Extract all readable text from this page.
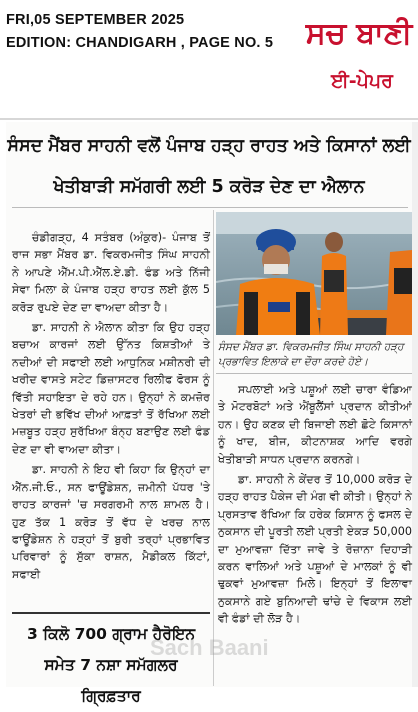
FRI,05 SEPTEMBER 2025
EDITION: CHANDIGARH , PAGE NO. 5 ਸਚ ਬਾਣੀ
ਈ-ਪੇਪਰ
ਸੰਸਦ ਮੈਂਬਰ ਸਾਹਨੀ ਵਲੋਂ ਪੰਜਾਬ ਹੜ੍ਹ ਰਾਹਤ ਅਤੇ ਕਿਸਾਨਾਂ ਲਈ ਖੇਤੀਬਾੜੀ ਸਮੱਗਰੀ ਲਈ 5 ਕਰੋੜ ਦੇਣ ਦਾ ਐਲਾਨ

ਚੰਡੀਗੜ੍ਹ, 4 ਸਤੰਬਰ (ਅੰਕੁਰ)- ਪੰਜਾਬ ਤੋਂ ਰਾਜ ਸਭਾ ਮੈਂਬਰ ਡਾ. ਵਿਕਰਮਜੀਤ ਸਿੰਘ ਸਾਹਨੀ ਨੇ ਆਪਣੇ ਐੱਮ.ਪੀ.ਐੱਲ.ਏ.ਡੀ. ਫੰਡ ਅਤੇ ਨਿੱਜੀ ਸੇਵਾ ਮਿਲਾ ਕੇ ਪੰਜਾਬ ਹੜ੍ਹ ਰਾਹਤ ਲਈ ਕੁੱਲ 5 ਕਰੋੜ ਰੁਪਏ ਦੇਣ ਦਾ ਵਾਅਦਾ ਕੀਤਾ ਹੈ।

ਡਾ. ਸਾਹਨੀ ਨੇ ਐਲਾਨ ਕੀਤਾ ਕਿ ਉਹ ਹੜ੍ਹ ਬਚਾਅ ਕਾਰਜਾਂ ਲਈ ਉੱਨਤ ਕਿਸ਼ਤੀਆਂ ਤੇ ਨਦੀਆਂ ਦੀ ਸਫਾਈ ਲਈ ਆਧੁਨਿਕ ਮਸ਼ੀਨਰੀ ਦੀ ਖਰੀਦ ਵਾਸਤੇ ਸਟੇਟ ਡਿਜ਼ਾਸਟਰ ਰਿਲੀਫ ਫੋਰਸ ਨੂੰ ਵਿੱਤੀ ਸਹਾਇਤਾ ਦੇ ਰਹੇ ਹਨ। ਉਨ੍ਹਾਂ ਨੇ ਕਮਜ਼ੋਰ ਖੇਤਰਾਂ ਦੀ ਭਵਿੱਖ ਦੀਆਂ ਆਫ਼ਤਾਂ ਤੋਂ ਰੱਖਿਆ ਲਈ ਮਜ਼ਬੂਤ ਹੜ੍ਹ ਸੁਰੱਖਿਆ ਬੰਨ੍ਹ ਬਣਾਉਣ ਲਈ ਫੰਡ ਦੇਣ ਦਾ ਵੀ ਵਾਅਦਾ ਕੀਤਾ।

ਡਾ. ਸਾਹਨੀ ਨੇ ਇਹ ਵੀ ਕਿਹਾ ਕਿ ਉਨ੍ਹਾਂ ਦਾ ਐੱਨ.ਜੀ.ਓ., ਸਨ ਫਾਊਂਡੇਸ਼ਨ, ਜ਼ਮੀਨੀ ਪੱਧਰ 'ਤੇ ਰਾਹਤ ਕਾਰਜਾਂ 'ਚ ਸਰਗਰਮੀ ਨਾਲ ਸ਼ਾਮਲ ਹੈ। ਹੁਣ ਤੱਕ 1 ਕਰੋੜ ਤੋਂ ਵੱਧ ਦੇ ਖਰਚ ਨਾਲ ਫਾਊਂਡੇਸ਼ਨ ਨੇ ਹੜ੍ਹਾਂ ਤੋਂ ਬੁਰੀ ਤਰ੍ਹਾਂ ਪ੍ਰਭਾਵਿਤ ਪਰਿਵਾਰਾਂ ਨੂੰ ਸੁੱਕਾ ਰਾਸ਼ਨ, ਮੈਡੀਕਲ ਕਿੱਟਾਂ, ਸਫਾਈ

ਸੰਸਦ ਮੈਂਬਰ ਡਾ. ਵਿਕਰਮਜੀਤ ਸਿੰਘ ਸਾਹਨੀ ਹੜ੍ਹ ਪ੍ਰਭਾਵਿਤ ਇਲਾਕੇ ਦਾ ਦੌਰਾ ਕਰਦੇ ਹੋਏ।

ਸਪਲਾਈ ਅਤੇ ਪਸ਼ੂਆਂ ਲਈ ਚਾਰਾ ਵੰਡਿਆ ਤੇ ਮੋਟਰਬੋਟਾਂ ਅਤੇ ਐਂਬੂਲੈਂਸਾਂ ਪ੍ਰਦਾਨ ਕੀਤੀਆਂ ਹਨ। ਉਹ ਕਣਕ ਦੀ ਬਿਜਾਈ ਲਈ ਛੋਟੇ ਕਿਸਾਨਾਂ ਨੂੰ ਖਾਦ, ਬੀਜ, ਕੀਟਨਾਸ਼ਕ ਆਦਿ ਵਰਗੇ ਖੇਤੀਬਾੜੀ ਸਾਧਨ ਪ੍ਰਦਾਨ ਕਰਨਗੇ।

ਡਾ. ਸਾਹਨੀ ਨੇ ਕੇਂਦਰ ਤੋਂ 10,000 ਕਰੋੜ ਦੇ ਹੜ੍ਹ ਰਾਹਤ ਪੈਕੇਜ ਦੀ ਮੰਗ ਵੀ ਕੀਤੀ। ਉਨ੍ਹਾਂ ਨੇ ਪ੍ਰਸਤਾਵ ਰੱਖਿਆ ਕਿ ਹਰੇਕ ਕਿਸਾਨ ਨੂੰ ਫਸਲ ਦੇ ਨੁਕਸਾਨ ਦੀ ਪੂਰਤੀ ਲਈ ਪ੍ਰਤੀ ਏਕੜ 50,000 ਦਾ ਮੁਆਵਜ਼ਾ ਦਿੱਤਾ ਜਾਵੇ ਤੇ ਰੋਜ਼ਾਨਾ ਦਿਹਾੜੀ ਕਰਨ ਵਾਲਿਆਂ ਅਤੇ ਪਸ਼ੂਆਂ ਦੇ ਮਾਲਕਾਂ ਨੂੰ ਵੀ ਢੁਕਵਾਂ ਮੁਆਵਜ਼ਾ ਮਿਲੇ। ਇਨ੍ਹਾਂ ਤੋਂ ਇਲਾਵਾ ਨੁਕਸਾਨੇ ਗਏ ਬੁਨਿਆਦੀ ਢਾਂਚੇ ਦੇ ਵਿਕਾਸ ਲਈ ਵੀ ਫੰਡਾਂ ਦੀ ਲੋੜ ਹੈ।

3 ਕਿਲੋ 700 ਗ੍ਰਾਮ ਹੈਰੋਇਨ ਸਮੇਤ 7 ਨਸ਼ਾ ਸਮੱਗਲਰ ਗ੍ਰਿਫ਼ਤਾਰ
Sach Baani
